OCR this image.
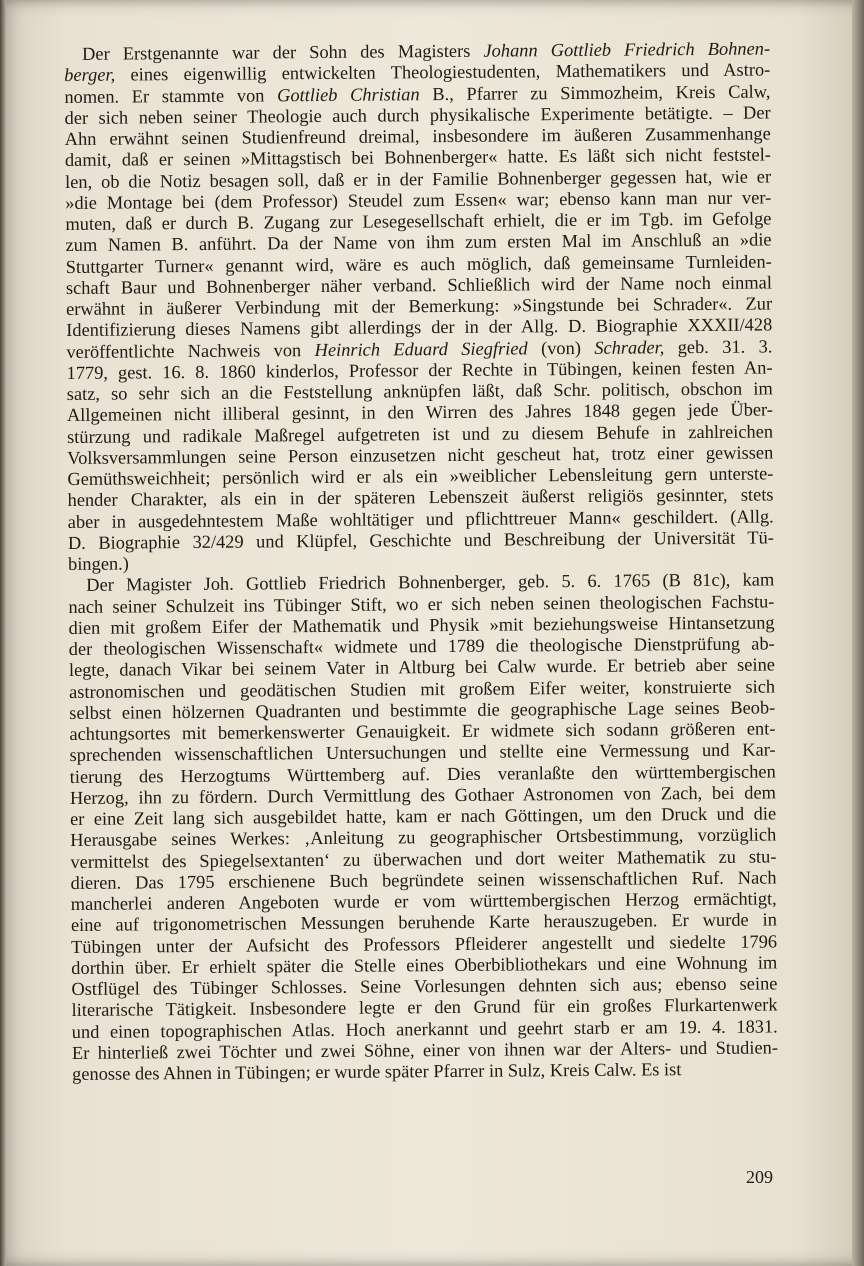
Der Erstgenannte war der Sohn des Magisters Johann Gottlieb Friedrich Bohnen-
berger, eines eigenwillig entwickelten Theologiestudenten, Mathematikers und Astro-
nomen. Er stammte von Gottlieb Christian B., Pfarrer zu Simmozheim, Kreis Calw,
der sich neben seiner Theologie auch durch physikalische Experimente betätigte. – Der
Ahn erwähnt seinen Studienfreund dreimal, insbesondere im äußeren Zusammenhange
damit, daß er seinen »Mittagstisch bei Bohnenberger« hatte. Es läßt sich nicht feststel-
len, ob die Notiz besagen soll, daß er in der Familie Bohnenberger gegessen hat, wie er
»die Montage bei (dem Professor) Steudel zum Essen« war; ebenso kann man nur ver-
muten, daß er durch B. Zugang zur Lesegesellschaft erhielt, die er im Tgb. im Gefolge
zum Namen B. anführt. Da der Name von ihm zum ersten Mal im Anschluß an »die
Stuttgarter Turner« genannt wird, wäre es auch möglich, daß gemeinsame Turnleiden-
schaft Baur und Bohnenberger näher verband. Schließlich wird der Name noch einmal
erwähnt in äußerer Verbindung mit der Bemerkung: »Singstunde bei Schrader«. Zur
Identifizierung dieses Namens gibt allerdings der in der Allg. D. Biographie XXXII/428
veröffentlichte Nachweis von Heinrich Eduard Siegfried (von) Schrader, geb. 31. 3.
1779, gest. 16. 8. 1860 kinderlos, Professor der Rechte in Tübingen, keinen festen An-
satz, so sehr sich an die Feststellung anknüpfen läßt, daß Schr. politisch, obschon im
Allgemeinen nicht illiberal gesinnt, in den Wirren des Jahres 1848 gegen jede Über-
stürzung und radikale Maßregel aufgetreten ist und zu diesem Behufe in zahlreichen
Volksversammlungen seine Person einzusetzen nicht gescheut hat, trotz einer gewissen
Gemüthsweichheit; persönlich wird er als ein »weiblicher Lebensleitung gern unterste-
hender Charakter, als ein in der späteren Lebenszeit äußerst religiös gesinnter, stets
aber in ausgedehntestem Maße wohltätiger und pflichttreuer Mann« geschildert. (Allg.
D. Biographie 32/429 und Klüpfel, Geschichte und Beschreibung der Universität Tü-
bingen.)

Der Magister Joh. Gottlieb Friedrich Bohnenberger, geb. 5. 6. 1765 (B 81c), kam
nach seiner Schulzeit ins Tübinger Stift, wo er sich neben seinen theologischen Fachstu-
dien mit großem Eifer der Mathematik und Physik »mit beziehungsweise Hintansetzung
der theologischen Wissenschaft« widmete und 1789 die theologische Dienstprüfung ab-
legte, danach Vikar bei seinem Vater in Altburg bei Calw wurde. Er betrieb aber seine
astronomischen und geodätischen Studien mit großem Eifer weiter, konstruierte sich
selbst einen hölzernen Quadranten und bestimmte die geographische Lage seines Beob-
achtungsortes mit bemerkenswerter Genauigkeit. Er widmete sich sodann größeren ent-
sprechenden wissenschaftlichen Untersuchungen und stellte eine Vermessung und Kar-
tierung des Herzogtums Württemberg auf. Dies veranlaßte den württembergischen
Herzog, ihn zu fördern. Durch Vermittlung des Gothaer Astronomen von Zach, bei dem
er eine Zeit lang sich ausgebildet hatte, kam er nach Göttingen, um den Druck und die
Herausgabe seines Werkes: ‚Anleitung zu geographischer Ortsbestimmung, vorzüglich
vermittelst des Spiegelsextanten‘ zu überwachen und dort weiter Mathematik zu stu-
dieren. Das 1795 erschienene Buch begründete seinen wissenschaftlichen Ruf. Nach
mancherlei anderen Angeboten wurde er vom württembergischen Herzog ermächtigt,
eine auf trigonometrischen Messungen beruhende Karte herauszugeben. Er wurde in
Tübingen unter der Aufsicht des Professors Pfleiderer angestellt und siedelte 1796
dorthin über. Er erhielt später die Stelle eines Oberbibliothekars und eine Wohnung im
Ostflügel des Tübinger Schlosses. Seine Vorlesungen dehnten sich aus; ebenso seine
literarische Tätigkeit. Insbesondere legte er den Grund für ein großes Flurkartenwerk
und einen topographischen Atlas. Hoch anerkannt und geehrt starb er am 19. 4. 1831.
Er hinterließ zwei Töchter und zwei Söhne, einer von ihnen war der Alters- und Studien-
genosse des Ahnen in Tübingen; er wurde später Pfarrer in Sulz, Kreis Calw. Es ist

209
